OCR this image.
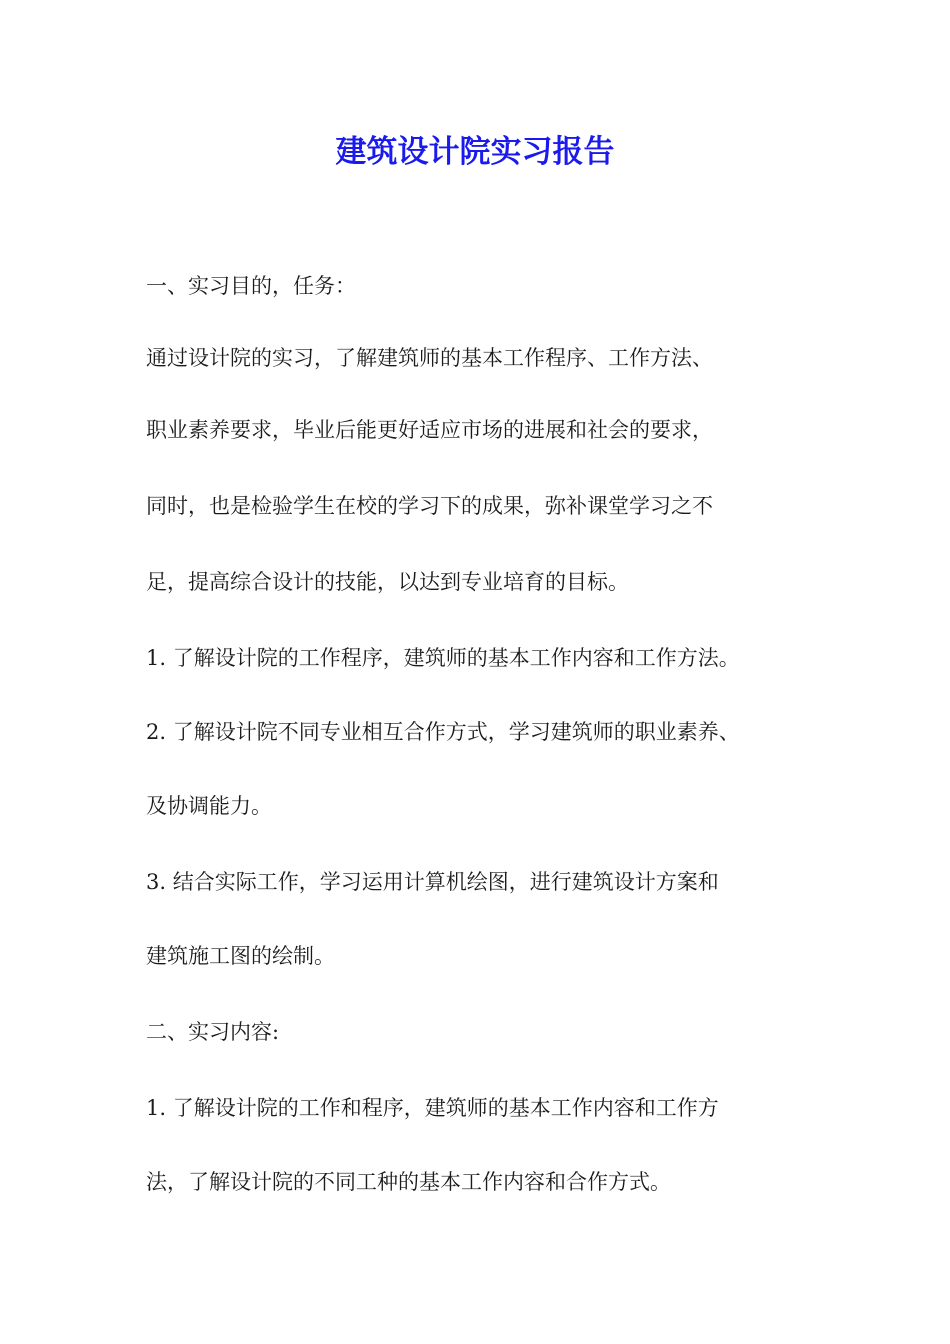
建筑设计院实习报告

一、实习目的，任务：

通过设计院的实习，了解建筑师的基本工作程序、工作方法、

职业素养要求，毕业后能更好适应市场的进展和社会的要求，

同时，也是检验学生在校的学习下的成果，弥补课堂学习之不

足，提高综合设计的技能，以达到专业培育的目标。

1. 了解设计院的工作程序，建筑师的基本工作内容和工作方法。

2. 了解设计院不同专业相互合作方式，学习建筑师的职业素养、

及协调能力。

3. 结合实际工作，学习运用计算机绘图，进行建筑设计方案和

建筑施工图的绘制。

二、实习内容:

1. 了解设计院的工作和程序，建筑师的基本工作内容和工作方

法，了解设计院的不同工种的基本工作内容和合作方式。
